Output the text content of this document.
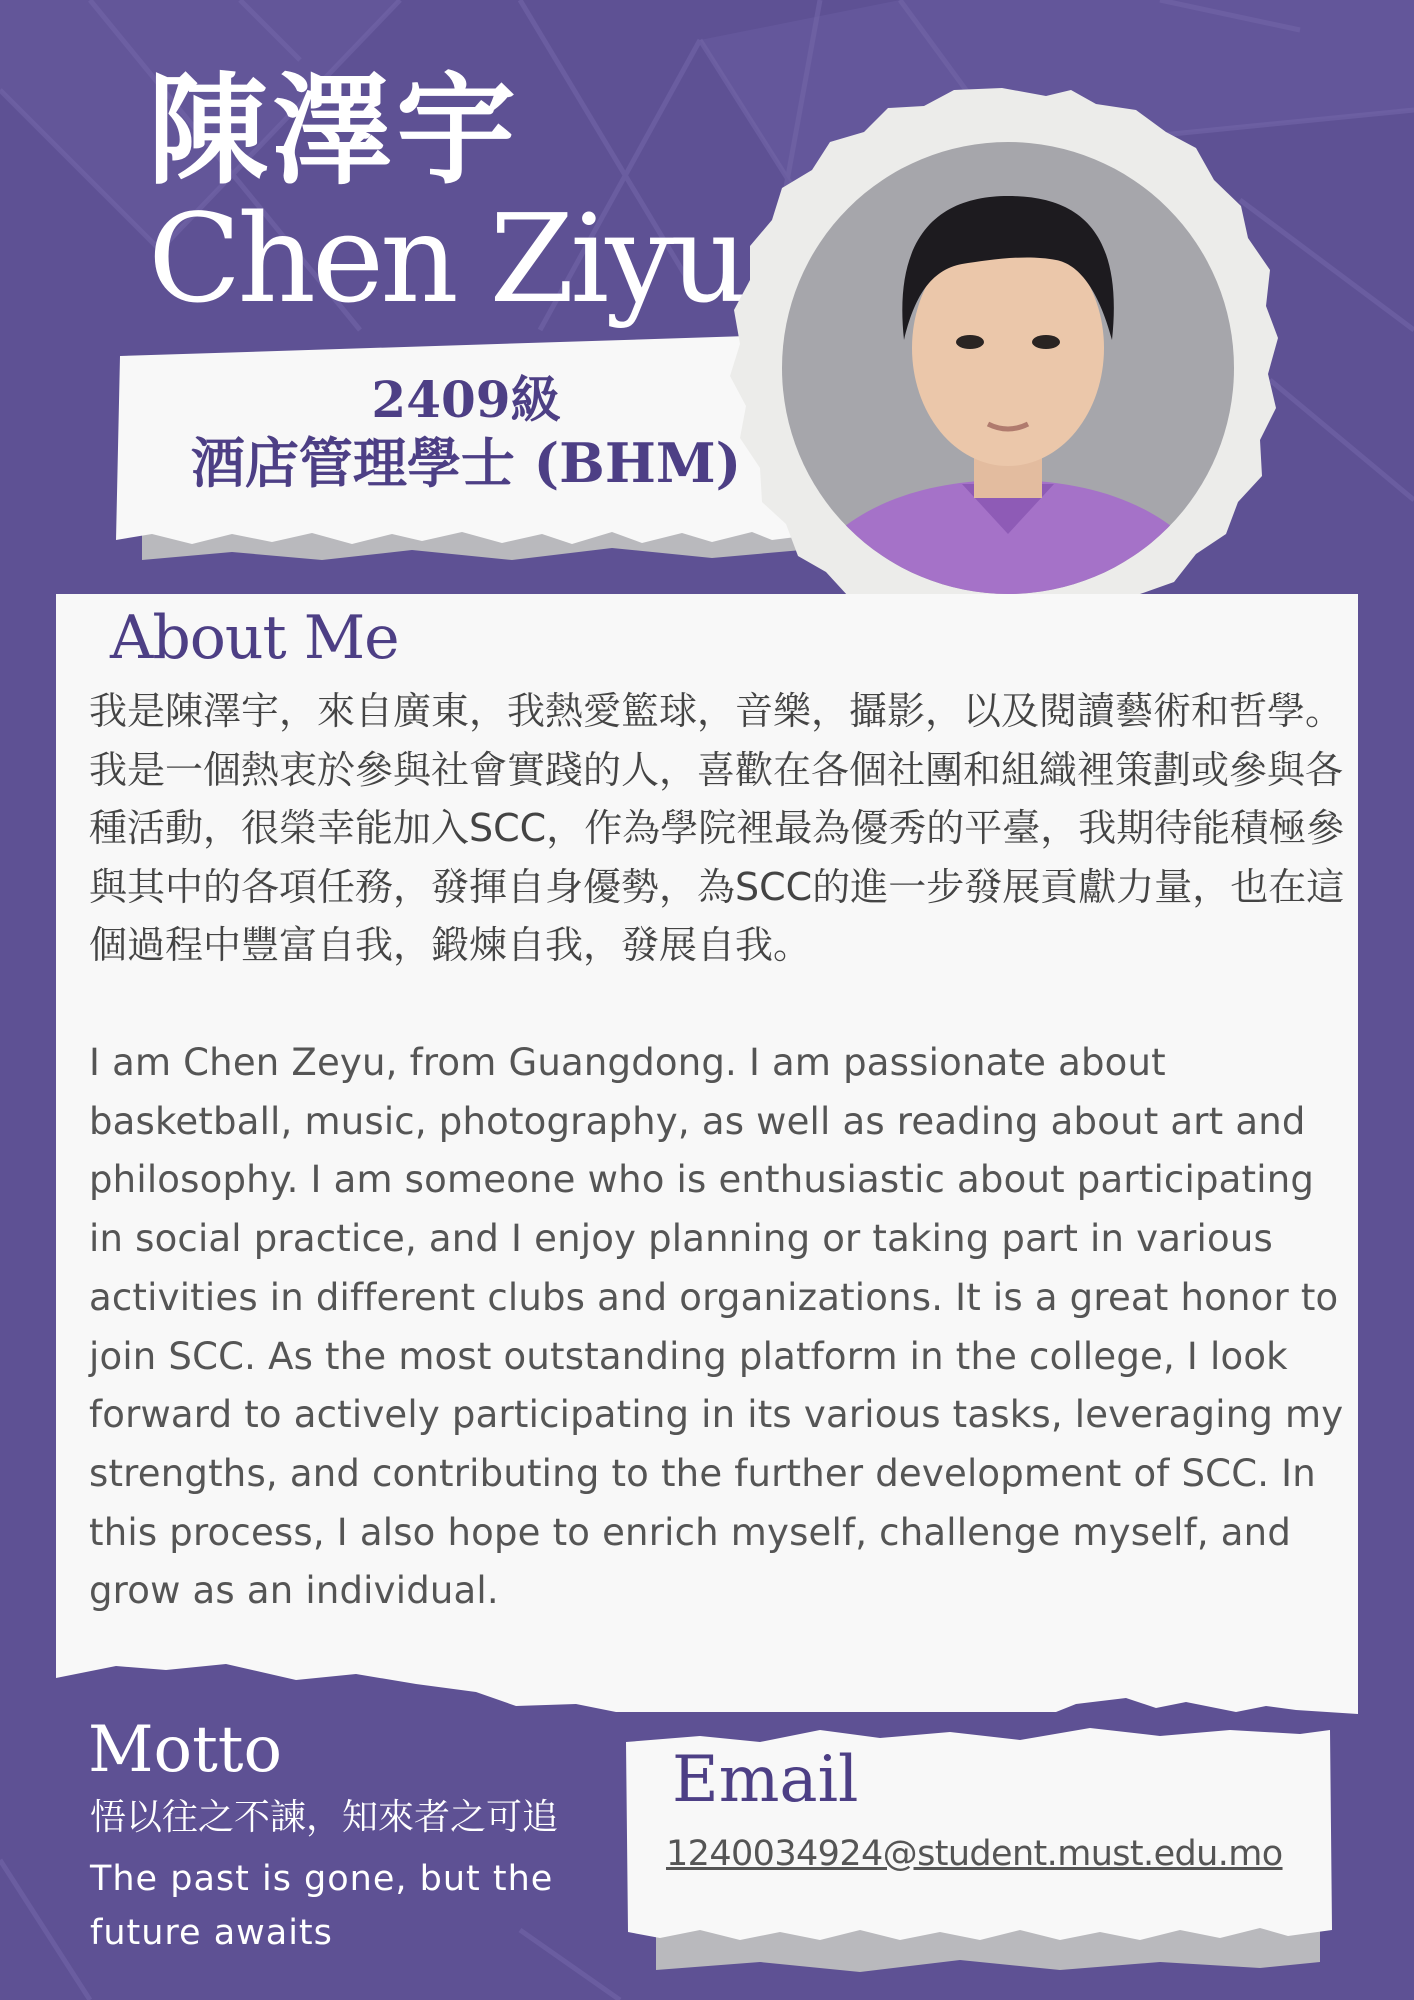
陳澤宇
Chen Ziyu
2409級
酒店管理學士 (BHM)
About Me

我是陳澤宇，來自廣東，我熱愛籃球，音樂，攝影，以及閱讀藝術和哲學。我是一個熱衷於參與社會實踐的人，喜歡在各個社團和組織裡策劃或參與各種活動，很榮幸能加入SCC，作為學院裡最為優秀的平臺，我期待能積極參與其中的各項任務，發揮自身優勢，為SCC的進一步發展貢獻力量，也在這個過程中豐富自我，鍛煉自我，發展自我。

I am Chen Zeyu, from Guangdong. I am passionate about basketball, music, photography, as well as reading about art and philosophy. I am someone who is enthusiastic about participating in social practice, and I enjoy planning or taking part in various activities in different clubs and organizations. It is a great honor to join SCC. As the most outstanding platform in the college, I look forward to actively participating in its various tasks, leveraging my strengths, and contributing to the further development of SCC. In this process, I also hope to enrich myself, challenge myself, and grow as an individual.

Motto
悟以往之不諫，知來者之可追
The past is gone, but the future awaits
Email
1240034924@student.must.edu.mo
